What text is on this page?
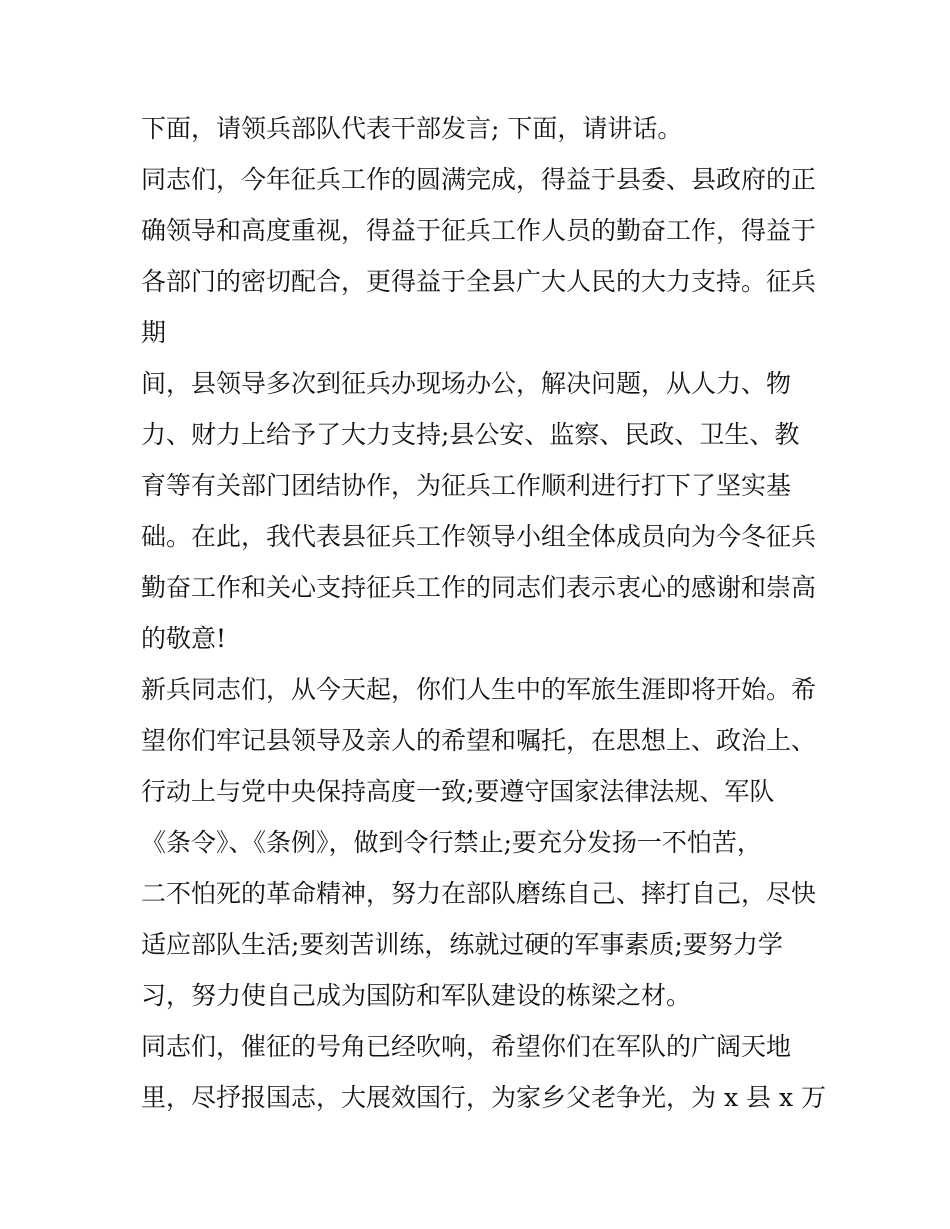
下面，请领兵部队代表干部发言; 下面，请讲话。
同志们，今年征兵工作的圆满完成，得益于县委、县政府的正
确领导和高度重视，得益于征兵工作人员的勤奋工作，得益于
各部门的密切配合，更得益于全县广大人民的大力支持。征兵
期
间，县领导多次到征兵办现场办公，解决问题，从人力、物
力、财力上给予了大力支持;县公安、监察、民政、卫生、教
育等有关部门团结协作，为征兵工作顺利进行打下了坚实基
础。在此，我代表县征兵工作领导小组全体成员向为今冬征兵
勤奋工作和关心支持征兵工作的同志们表示衷心的感谢和崇高
的敬意!
新兵同志们，从今天起，你们人生中的军旅生涯即将开始。希
望你们牢记县领导及亲人的希望和嘱托，在思想上、政治上、
行动上与党中央保持高度一致;要遵守国家法律法规、军队
《条令》、《条例》，做到令行禁止;要充分发扬一不怕苦，
二不怕死的革命精神，努力在部队磨练自己、摔打自己，尽快
适应部队生活;要刻苦训练，练就过硬的军事素质;要努力学
习，努力使自己成为国防和军队建设的栋梁之材。
同志们，催征的号角已经吹响，希望你们在军队的广阔天地
里，尽抒报国志，大展效国行，为家乡父老争光，为 x 县 x 万
